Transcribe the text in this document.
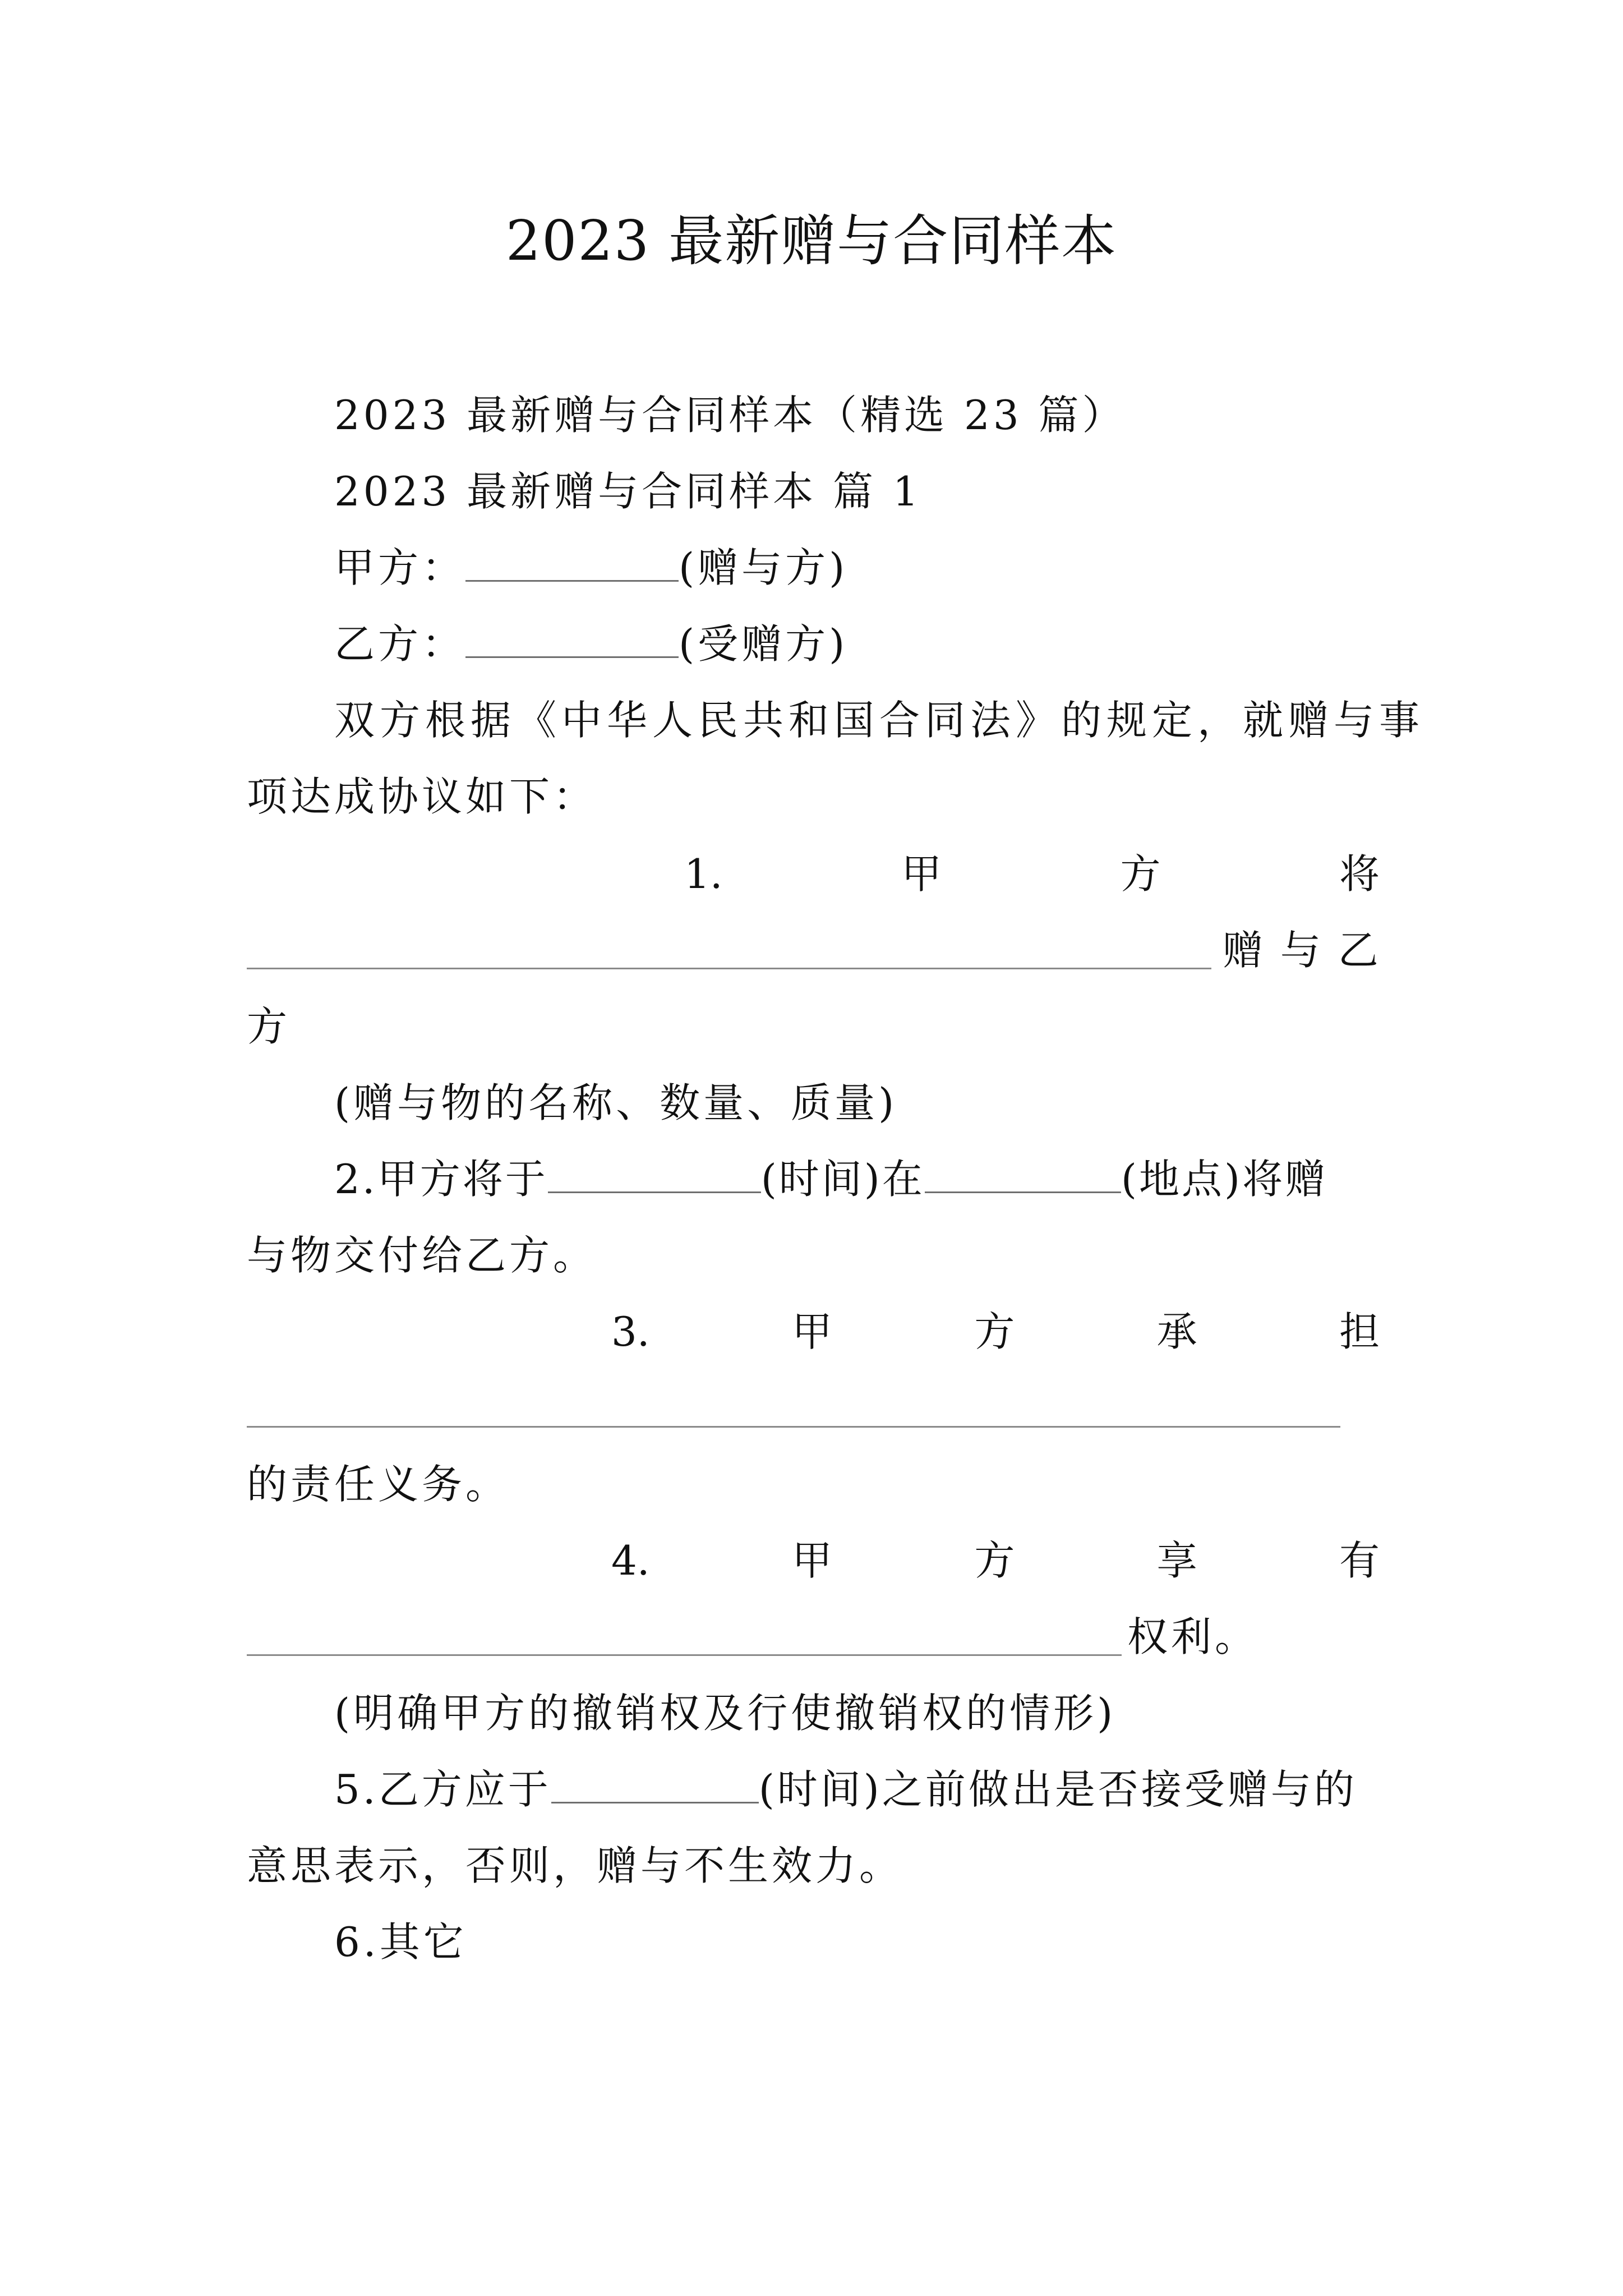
2023 最新赠与合同样本
2023 最新赠与合同样本（精选 23 篇）
2023 最新赠与合同样本 篇 1
甲方：	(赠与方)
乙方：	(受赠方)
双方根据《中华人民共和国合同法》的规定，就赠与事
项达成协议如下：
1.	甲	方	将
赠 与 乙
方
(赠与物的名称、数量、质量)
2.甲方将于	(时间)在	(地点)将赠
与物交付给乙方。
3.	甲	方	承	担
的责任义务。
4.	甲	方	享	有
权利。
(明确甲方的撤销权及行使撤销权的情形)
5.乙方应于	(时间)之前做出是否接受赠与的
意思表示，否则，赠与不生效力。
6.其它
